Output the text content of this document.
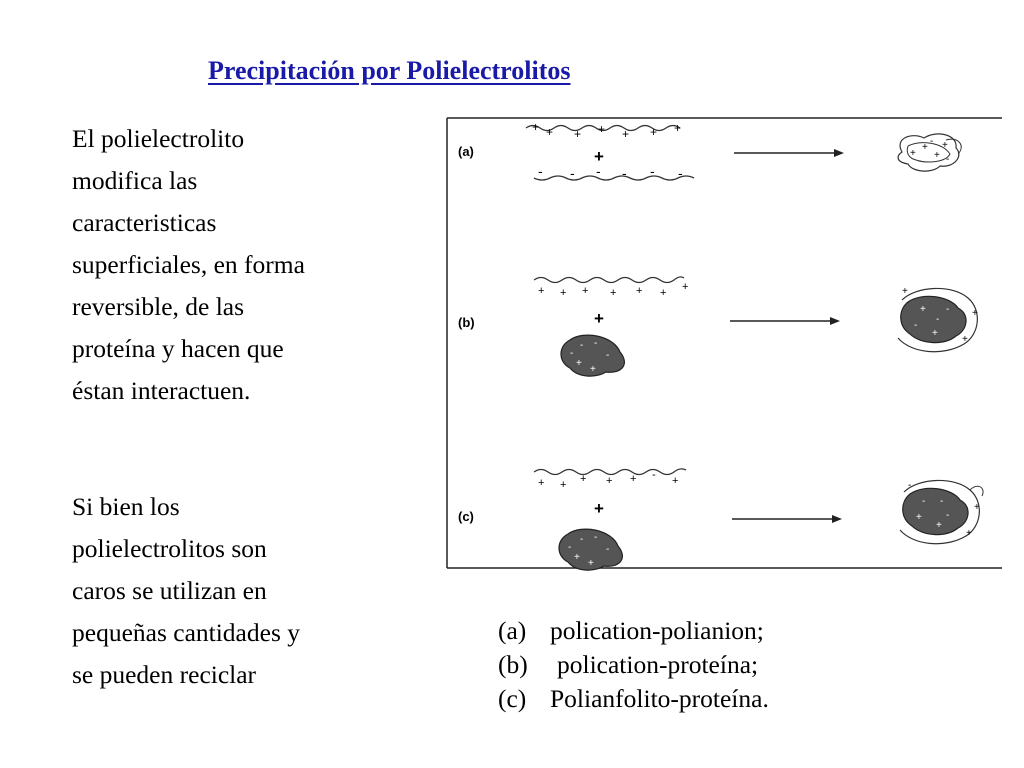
Precipitación por Polielectrolitos
El polielectrolito
modifica las
caracteristicas
superficiales, en forma
reversible, de las
proteína y hacen que
éstan interactuen.
Si bien los
polielectrolitos son
caros se utilizan en
pequeñas cantidades y
se pueden reciclar
(a)
+ + + + + + +
+
- - - - - -
+
+
+
+
-
-
-
(b)
+ + + + + + +
+
-
- -
-
+
+
+
-
-
-
+
+
+
+
(c)
+ + + + + - +
+
-
- -
-
+
+
- -
+
+
-
+
+
-
(a) polication-polianion;
(b)	polication-proteína;
(c) Polianfolito-proteína.
